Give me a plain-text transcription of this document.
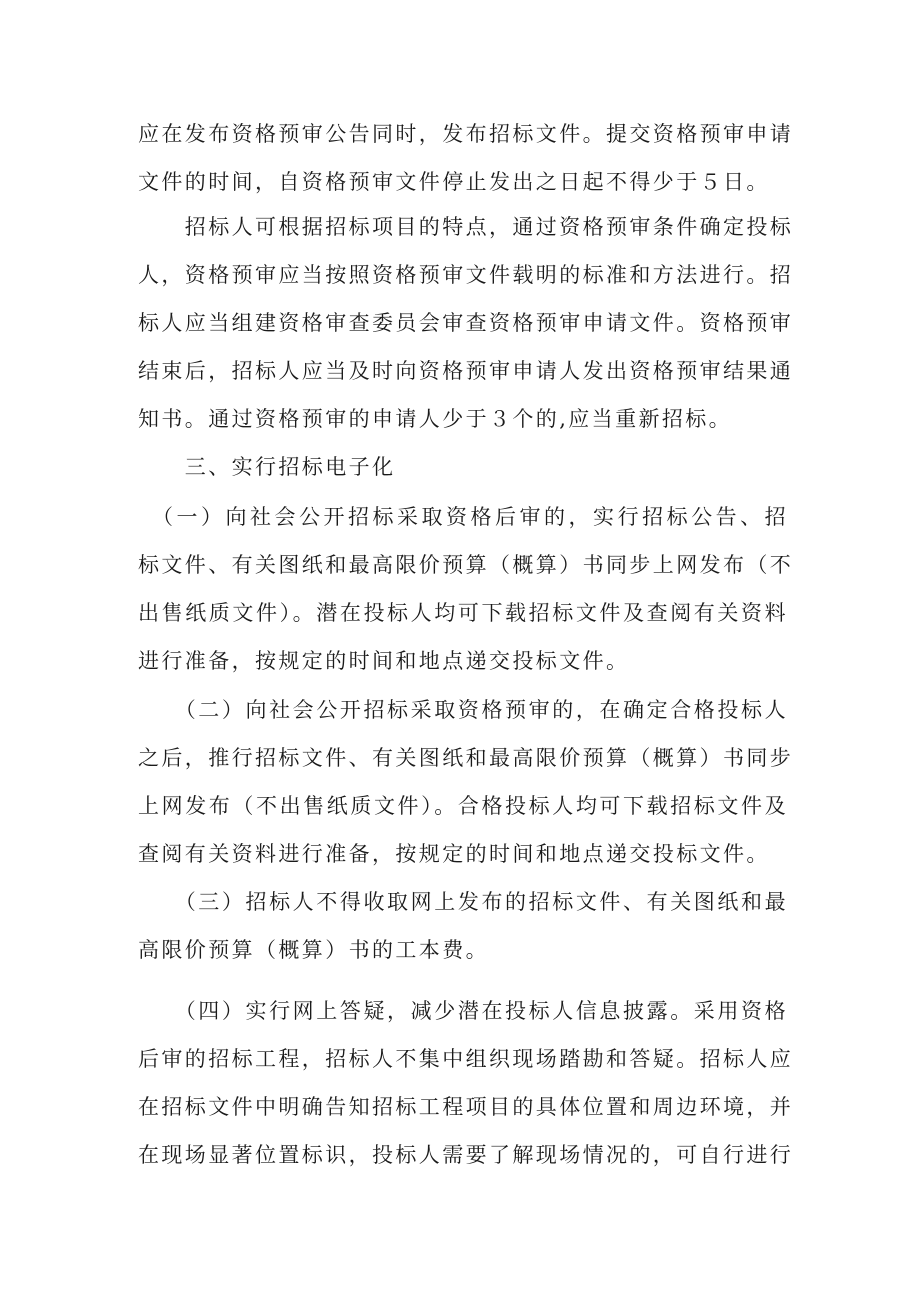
应在发布资格预审公告同时，发布招标文件。提交资格预审申请
文件的时间，自资格预审文件停止发出之日起不得少于５日。
　　招标人可根据招标项目的特点，通过资格预审条件确定投标
人，资格预审应当按照资格预审文件载明的标准和方法进行。招
标人应当组建资格审查委员会审查资格预审申请文件。资格预审
结束后，招标人应当及时向资格预审申请人发出资格预审结果通
知书。通过资格预审的申请人少于３个的,应当重新招标。
　　三、实行招标电子化
　（一）向社会公开招标采取资格后审的，实行招标公告、招
标文件、有关图纸和最高限价预算（概算）书同步上网发布（不
出售纸质文件）。潜在投标人均可下载招标文件及查阅有关资料
进行准备，按规定的时间和地点递交投标文件。
　　（二）向社会公开招标采取资格预审的，在确定合格投标人
之后，推行招标文件、有关图纸和最高限价预算（概算）书同步
上网发布（不出售纸质文件）。合格投标人均可下载招标文件及
查阅有关资料进行准备，按规定的时间和地点递交投标文件。
　　（三）招标人不得收取网上发布的招标文件、有关图纸和最
高限价预算（概算）书的工本费。
　　（四）实行网上答疑，减少潜在投标人信息披露。采用资格
后审的招标工程，招标人不集中组织现场踏勘和答疑。招标人应
在招标文件中明确告知招标工程项目的具体位置和周边环境，并
在现场显著位置标识，投标人需要了解现场情况的，可自行进行
